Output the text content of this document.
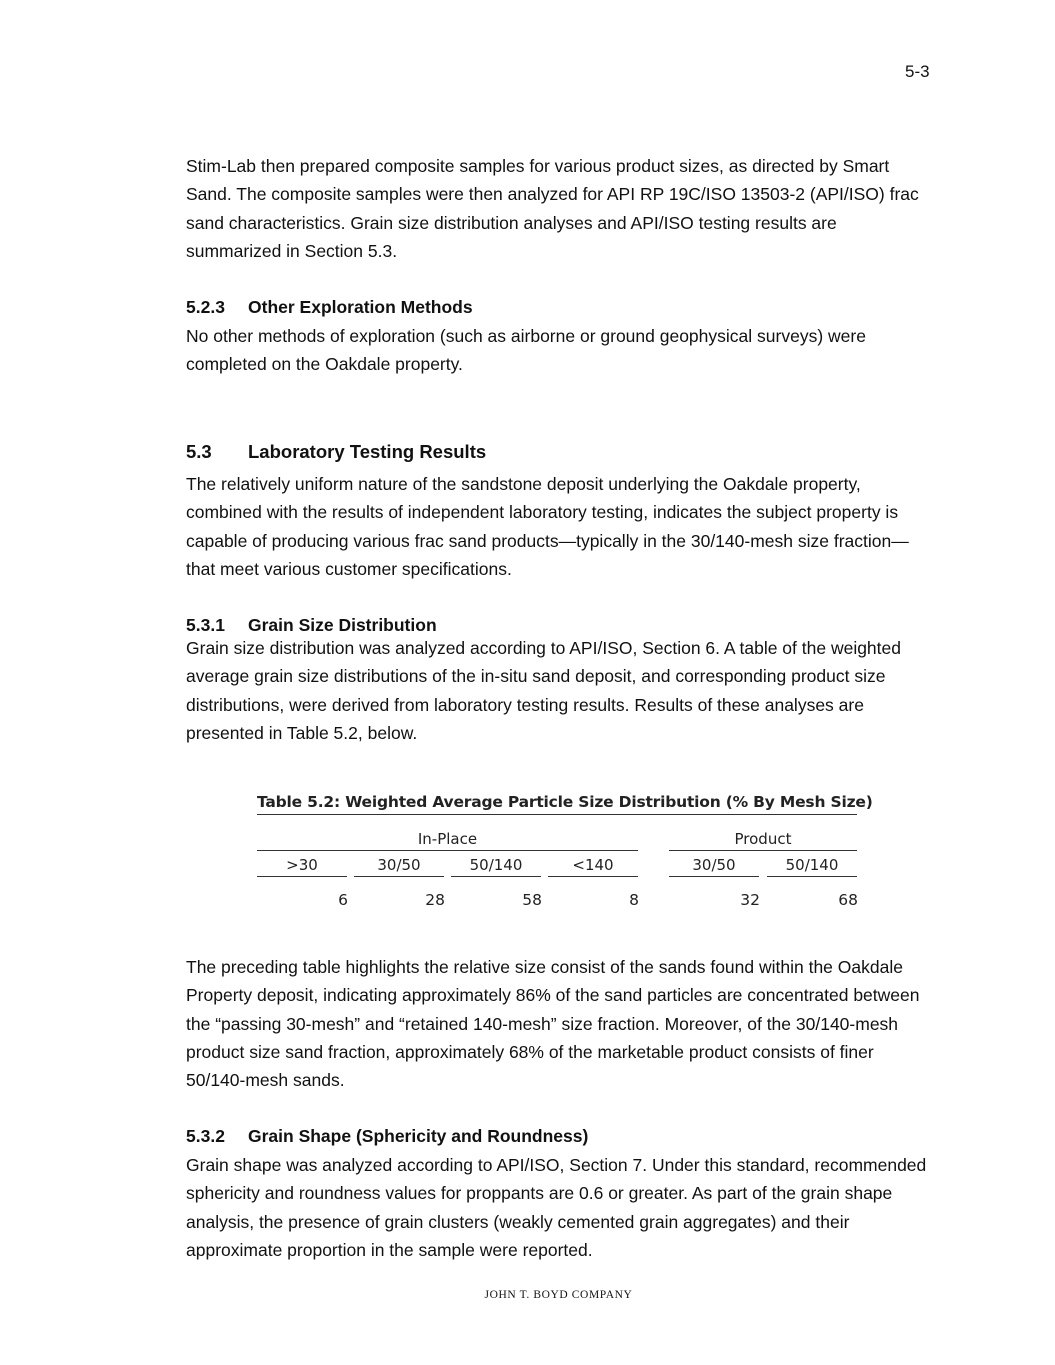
5-3

Stim-Lab then prepared composite samples for various product sizes, as directed by Smart Sand. The composite samples were then analyzed for API RP 19C/ISO 13503-2 (API/ISO) frac sand characteristics. Grain size distribution analyses and API/ISO testing results are summarized in Section 5.3.

5.2.3 Other Exploration Methods

No other methods of exploration (such as airborne or ground geophysical surveys) were completed on the Oakdale property.

5.3 Laboratory Testing Results

The relatively uniform nature of the sandstone deposit underlying the Oakdale property, combined with the results of independent laboratory testing, indicates the subject property is capable of producing various frac sand products—typically in the 30/140-mesh size fraction—that meet various customer specifications.

5.3.1 Grain Size Distribution

Grain size distribution was analyzed according to API/ISO, Section 6. A table of the weighted average grain size distributions of the in-situ sand deposit, and corresponding product size distributions, were derived from laboratory testing results. Results of these analyses are presented in Table 5.2, below.

Table 5.2: Weighted Average Particle Size Distribution (% By Mesh Size)
In-Place	Product
>30	30/50	50/140	<140	30/50	50/140
6	28	58	8	32	68

The preceding table highlights the relative size consist of the sands found within the Oakdale Property deposit, indicating approximately 86% of the sand particles are concentrated between the “passing 30-mesh” and “retained 140-mesh” size fraction. Moreover, of the 30/140-mesh product size sand fraction, approximately 68% of the marketable product consists of finer 50/140-mesh sands.

5.3.2 Grain Shape (Sphericity and Roundness)

Grain shape was analyzed according to API/ISO, Section 7. Under this standard, recommended sphericity and roundness values for proppants are 0.6 or greater. As part of the grain shape analysis, the presence of grain clusters (weakly cemented grain aggregates) and their approximate proportion in the sample were reported.

JOHN T. BOYD COMPANY
